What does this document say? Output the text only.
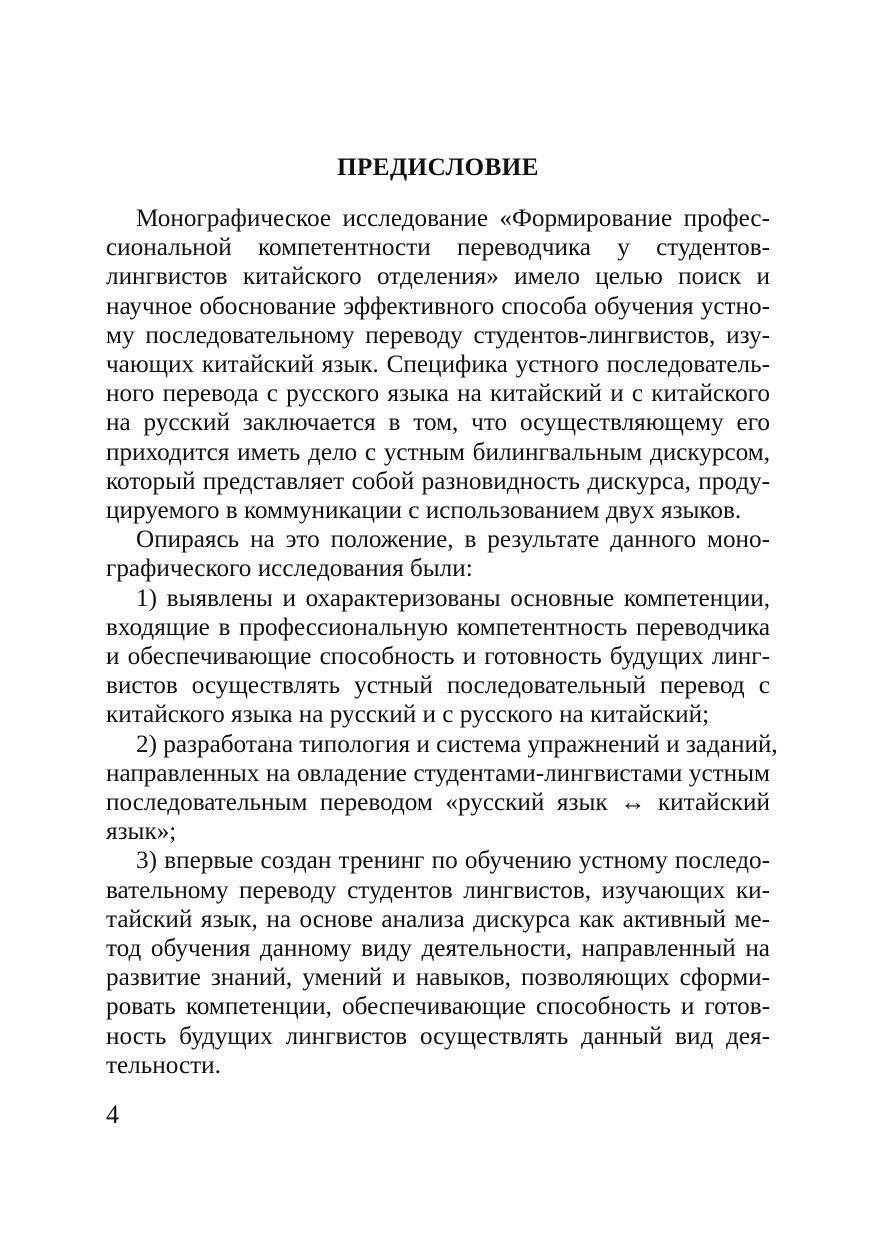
ПРЕДИСЛОВИЕ
Монографическое исследование «Формирование профес-
сиональной компетентности переводчика у студентов-
лингвистов китайского отделения» имело целью поиск и
научное обоснование эффективного способа обучения устно-
му последовательному переводу студентов-лингвистов, изу-
чающих китайский язык. Специфика устного последователь-
ного перевода с русского языка на китайский и с китайского
на русский заключается в том, что осуществляющему его
приходится иметь дело с устным билингвальным дискурсом,
который представляет собой разновидность дискурса, проду-
цируемого в коммуникации с использованием двух языков.
Опираясь на это положение, в результате данного моно-
графического исследования были:
1) выявлены и охарактеризованы основные компетенции,
входящие в профессиональную компетентность переводчика
и обеспечивающие способность и готовность будущих линг-
вистов осуществлять устный последовательный перевод с
китайского языка на русский и с русского на китайский;
2) разработана типология и система упражнений и заданий,
направленных на овладение студентами-лингвистами устным
последовательным переводом «русский язык ↔ китайский
язык»;
3) впервые создан тренинг по обучению устному последо-
вательному переводу студентов лингвистов, изучающих ки-
тайский язык, на основе анализа дискурса как активный ме-
тод обучения данному виду деятельности, направленный на
развитие знаний, умений и навыков, позволяющих сформи-
ровать компетенции, обеспечивающие способность и готов-
ность будущих лингвистов осуществлять данный вид дея-
тельности.
4
